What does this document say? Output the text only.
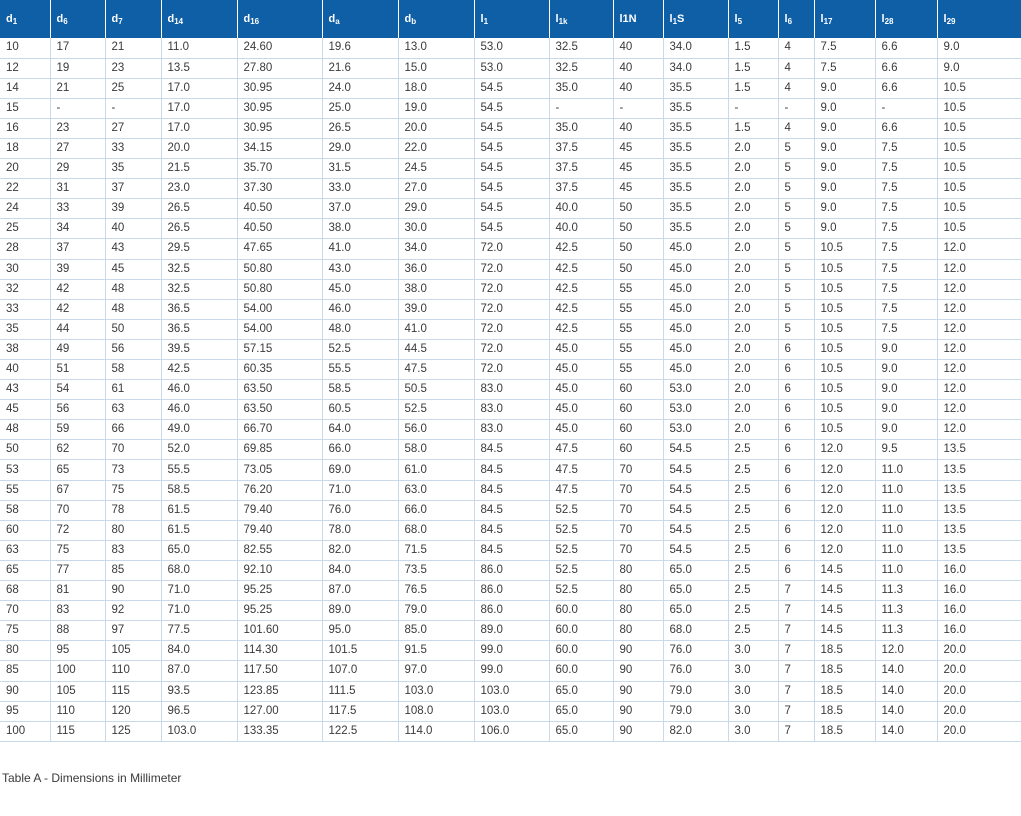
$d_1$	$d_6$	$d_7$	$d_{14}$	$d_{16}$	$d_a$	$d_b$	$l_1$	$l_{1k}$	l1N	$l_1S$	$l_5$	$l_6$	$l_{17}$	$l_{28}$	$l_{29}$
10	17	21	11.0	24.60	19.6	13.0	53.0	32.5	40	34.0	1.5	4	7.5	6.6	9.0
12	19	23	13.5	27.80	21.6	15.0	53.0	32.5	40	34.0	1.5	4	7.5	6.6	9.0
14	21	25	17.0	30.95	24.0	18.0	54.5	35.0	40	35.5	1.5	4	9.0	6.6	10.5
15	-	-	17.0	30.95	25.0	19.0	54.5	-	-	35.5	-	-	9.0	-	10.5
16	23	27	17.0	30.95	26.5	20.0	54.5	35.0	40	35.5	1.5	4	9.0	6.6	10.5
18	27	33	20.0	34.15	29.0	22.0	54.5	37.5	45	35.5	2.0	5	9.0	7.5	10.5
20	29	35	21.5	35.70	31.5	24.5	54.5	37.5	45	35.5	2.0	5	9.0	7.5	10.5
22	31	37	23.0	37.30	33.0	27.0	54.5	37.5	45	35.5	2.0	5	9.0	7.5	10.5
24	33	39	26.5	40.50	37.0	29.0	54.5	40.0	50	35.5	2.0	5	9.0	7.5	10.5
25	34	40	26.5	40.50	38.0	30.0	54.5	40.0	50	35.5	2.0	5	9.0	7.5	10.5
28	37	43	29.5	47.65	41.0	34.0	72.0	42.5	50	45.0	2.0	5	10.5	7.5	12.0
30	39	45	32.5	50.80	43.0	36.0	72.0	42.5	50	45.0	2.0	5	10.5	7.5	12.0
32	42	48	32.5	50.80	45.0	38.0	72.0	42.5	55	45.0	2.0	5	10.5	7.5	12.0
33	42	48	36.5	54.00	46.0	39.0	72.0	42.5	55	45.0	2.0	5	10.5	7.5	12.0
35	44	50	36.5	54.00	48.0	41.0	72.0	42.5	55	45.0	2.0	5	10.5	7.5	12.0
38	49	56	39.5	57.15	52.5	44.5	72.0	45.0	55	45.0	2.0	6	10.5	9.0	12.0
40	51	58	42.5	60.35	55.5	47.5	72.0	45.0	55	45.0	2.0	6	10.5	9.0	12.0
43	54	61	46.0	63.50	58.5	50.5	83.0	45.0	60	53.0	2.0	6	10.5	9.0	12.0
45	56	63	46.0	63.50	60.5	52.5	83.0	45.0	60	53.0	2.0	6	10.5	9.0	12.0
48	59	66	49.0	66.70	64.0	56.0	83.0	45.0	60	53.0	2.0	6	10.5	9.0	12.0
50	62	70	52.0	69.85	66.0	58.0	84.5	47.5	60	54.5	2.5	6	12.0	9.5	13.5
53	65	73	55.5	73.05	69.0	61.0	84.5	47.5	70	54.5	2.5	6	12.0	11.0	13.5
55	67	75	58.5	76.20	71.0	63.0	84.5	47.5	70	54.5	2.5	6	12.0	11.0	13.5
58	70	78	61.5	79.40	76.0	66.0	84.5	52.5	70	54.5	2.5	6	12.0	11.0	13.5
60	72	80	61.5	79.40	78.0	68.0	84.5	52.5	70	54.5	2.5	6	12.0	11.0	13.5
63	75	83	65.0	82.55	82.0	71.5	84.5	52.5	70	54.5	2.5	6	12.0	11.0	13.5
65	77	85	68.0	92.10	84.0	73.5	86.0	52.5	80	65.0	2.5	6	14.5	11.0	16.0
68	81	90	71.0	95.25	87.0	76.5	86.0	52.5	80	65.0	2.5	7	14.5	11.3	16.0
70	83	92	71.0	95.25	89.0	79.0	86.0	60.0	80	65.0	2.5	7	14.5	11.3	16.0
75	88	97	77.5	101.60	95.0	85.0	89.0	60.0	80	68.0	2.5	7	14.5	11.3	16.0
80	95	105	84.0	114.30	101.5	91.5	99.0	60.0	90	76.0	3.0	7	18.5	12.0	20.0
85	100	110	87.0	117.50	107.0	97.0	99.0	60.0	90	76.0	3.0	7	18.5	14.0	20.0
90	105	115	93.5	123.85	111.5	103.0	103.0	65.0	90	79.0	3.0	7	18.5	14.0	20.0
95	110	120	96.5	127.00	117.5	108.0	103.0	65.0	90	79.0	3.0	7	18.5	14.0	20.0
100	115	125	103.0	133.35	122.5	114.0	106.0	65.0	90	82.0	3.0	7	18.5	14.0	20.0
Table A - Dimensions in Millimeter
